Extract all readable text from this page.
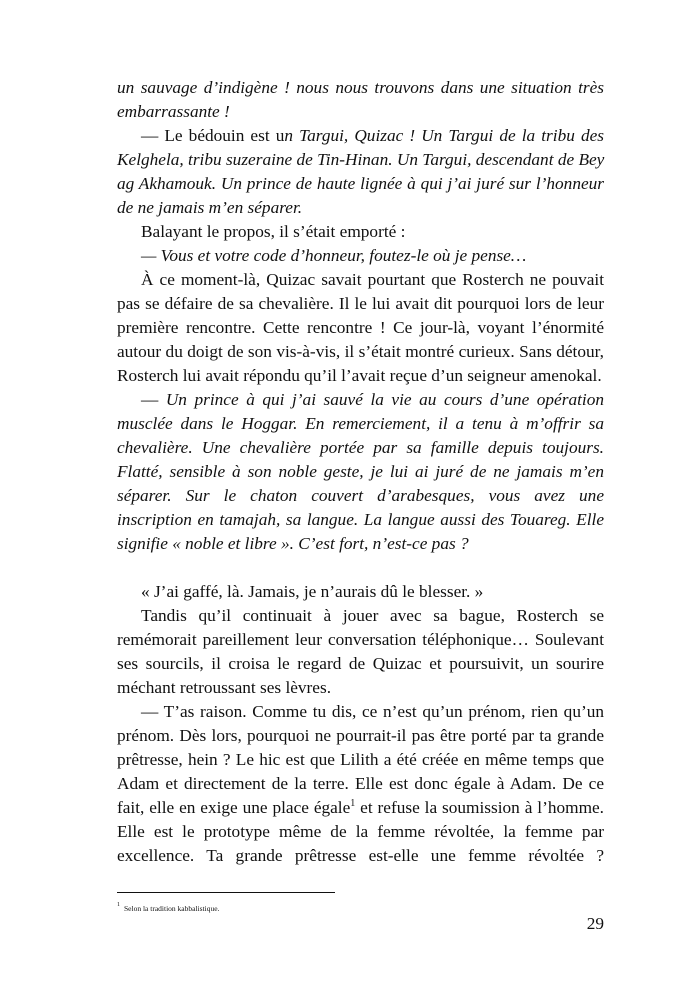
un sauvage d’indigène ! nous nous trouvons dans une situation très
embarrassante !
— Le bédouin est un Targui, Quizac ! Un Targui de la tribu des
Kelghela, tribu suzeraine de Tin-Hinan. Un Targui, descendant de Bey
ag Akhamouk. Un prince de haute lignée à qui j’ai juré sur l’honneur
de ne jamais m’en séparer.
Balayant le propos, il s’était emporté :
— Vous et votre code d’honneur, foutez-le où je pense…
À ce moment-là, Quizac savait pourtant que Rosterch ne pouvait
pas se défaire de sa chevalière. Il le lui avait dit pourquoi lors de leur
première rencontre. Cette rencontre ! Ce jour-là, voyant l’énormité
autour du doigt de son vis-à-vis, il s’était montré curieux. Sans détour,
Rosterch lui avait répondu qu’il l’avait reçue d’un seigneur amenokal.
— Un prince à qui j’ai sauvé la vie au cours d’une opération
musclée dans le Hoggar. En remerciement, il a tenu à m’offrir sa
chevalière. Une chevalière portée par sa famille depuis toujours.
Flatté, sensible à son noble geste, je lui ai juré de ne jamais m’en
séparer. Sur le chaton couvert d’arabesques, vous avez une
inscription en tamajah, sa langue. La langue aussi des Touareg. Elle
signifie « noble et libre ». C’est fort, n’est-ce pas ?
« J’ai gaffé, là. Jamais, je n’aurais dû le blesser. »
Tandis qu’il continuait à jouer avec sa bague, Rosterch se
remémorait pareillement leur conversation téléphonique… Soulevant
ses sourcils, il croisa le regard de Quizac et poursuivit, un sourire
méchant retroussant ses lèvres.
— T’as raison. Comme tu dis, ce n’est qu’un prénom, rien qu’un
prénom. Dès lors, pourquoi ne pourrait-il pas être porté par ta grande
prêtresse, hein ? Le hic est que Lilith a été créée en même temps que
Adam et directement de la terre. Elle est donc égale à Adam. De ce
fait, elle en exige une place égale$^1$ et refuse la soumission à l’homme.
Elle est le prototype même de la femme révoltée, la femme par
excellence. Ta grande prêtresse est-elle une femme révoltée ?
$^1$ Selon la tradition kabbalistique.
29
